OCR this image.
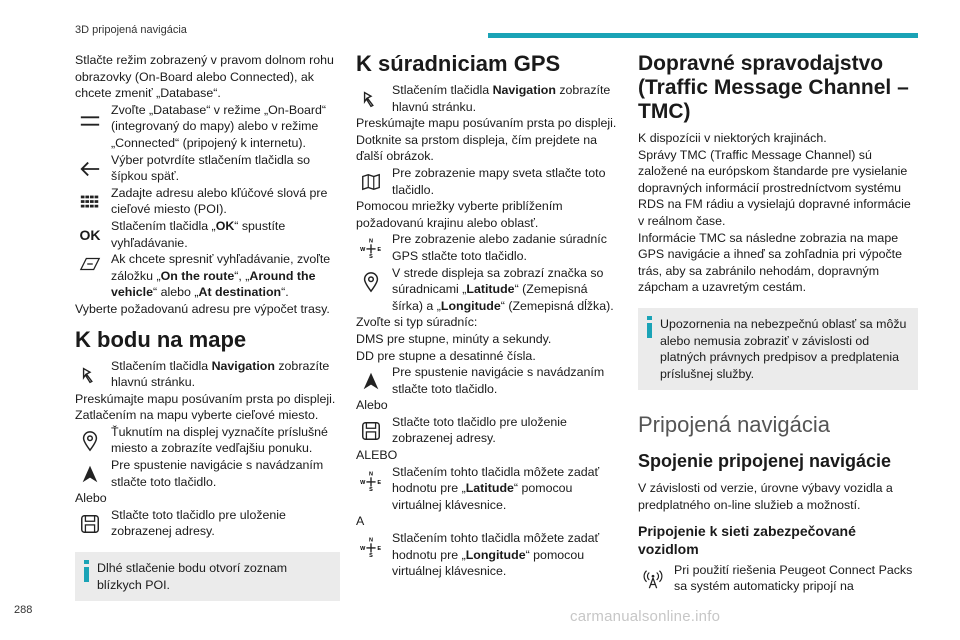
3D pripojená navigácia

Stlačte režim zobrazený v pravom dolnom rohu obrazovky (On-Board alebo Connected), ak chcete zmeniť „Database“.

Zvoľte „Database“ v režime „On-Board“ (integrovaný do mapy) alebo v režime „Connected“ (pripojený k internetu).
Výber potvrdíte stlačením tlačidla so šípkou späť.
Zadajte adresu alebo kľúčové slová pre cieľové miesto (POI).
OK
Stlačením tlačidla „OK“ spustíte vyhľadávanie.
Ak chcete spresniť vyhľadávanie, zvoľte záložku „On the route“, „Around the vehicle“ alebo „At destination“.

Vyberte požadovanú adresu pre výpočet trasy.

K bodu na mape
Stlačením tlačidla Navigation zobrazíte hlavnú stránku.

Preskúmajte mapu posúvaním prsta po displeji.

Zatlačením na mapu vyberte cieľové miesto.

Ťuknutím na displej vyznačíte príslušné miesto a zobrazíte vedľajšiu ponuku.
Pre spustenie navigácie s navádzaním stlačte toto tlačidlo.

Alebo

Stlačte toto tlačidlo pre uloženie zobrazenej adresy.
Dlhé stlačenie bodu otvorí zoznam blízkych POI.
K súradniciam GPS
Stlačením tlačidla Navigation zobrazíte hlavnú stránku.

Preskúmajte mapu posúvaním prsta po displeji.

Dotknite sa prstom displeja, čím prejdete na ďalší obrázok.

Pre zobrazenie mapy sveta stlačte toto tlačidlo.

Pomocou mriežky vyberte priblížením požadovanú krajinu alebo oblasť.

N
S
W E
Pre zobrazenie alebo zadanie súradníc GPS stlačte toto tlačidlo.
V strede displeja sa zobrazí značka so súradnicami „Latitude“ (Zemepisná šírka) a „Longitude“ (Zemepisná dĺžka).

Zvoľte si typ súradníc:

DMS pre stupne, minúty a sekundy.

DD pre stupne a desatinné čísla.

Pre spustenie navigácie s navádzaním stlačte toto tlačidlo.

Alebo

Stlačte toto tlačidlo pre uloženie zobrazenej adresy.

ALEBO

N
S
W E
Stlačením tohto tlačidla môžete zadať hodnotu pre „Latitude“ pomocou virtuálnej klávesnice.

A

N
S
W E
Stlačením tohto tlačidla môžete zadať hodnotu pre „Longitude“ pomocou virtuálnej klávesnice.
Dopravné spravodajstvo (Traffic Message Channel – TMC)

K dispozícii v niektorých krajinách.

Správy TMC (Traffic Message Channel) sú založené na európskom štandarde pre vysielanie dopravných informácií prostredníctvom systému RDS na FM rádiu a vysielajú dopravné informácie v reálnom čase.

Informácie TMC sa následne zobrazia na mape GPS navigácie a ihneď sa zohľadnia pri výpočte trás, aby sa zabránilo nehodám, dopravným zápcham a uzavretým cestám.

Upozornenia na nebezpečnú oblasť sa môžu alebo nemusia zobraziť v závislosti od platných právnych predpisov a predplatenia príslušnej služby.
Pripojená navigácia
Spojenie pripojenej navigácie

V závislosti od verzie, úrovne výbavy vozidla a predplatného on-line služieb a možností.

Pripojenie k sieti zabezpečované vozidlom
Pri použití riešenia Peugeot Connect Packs sa systém automaticky pripojí na
288	carmanualsonline.info
